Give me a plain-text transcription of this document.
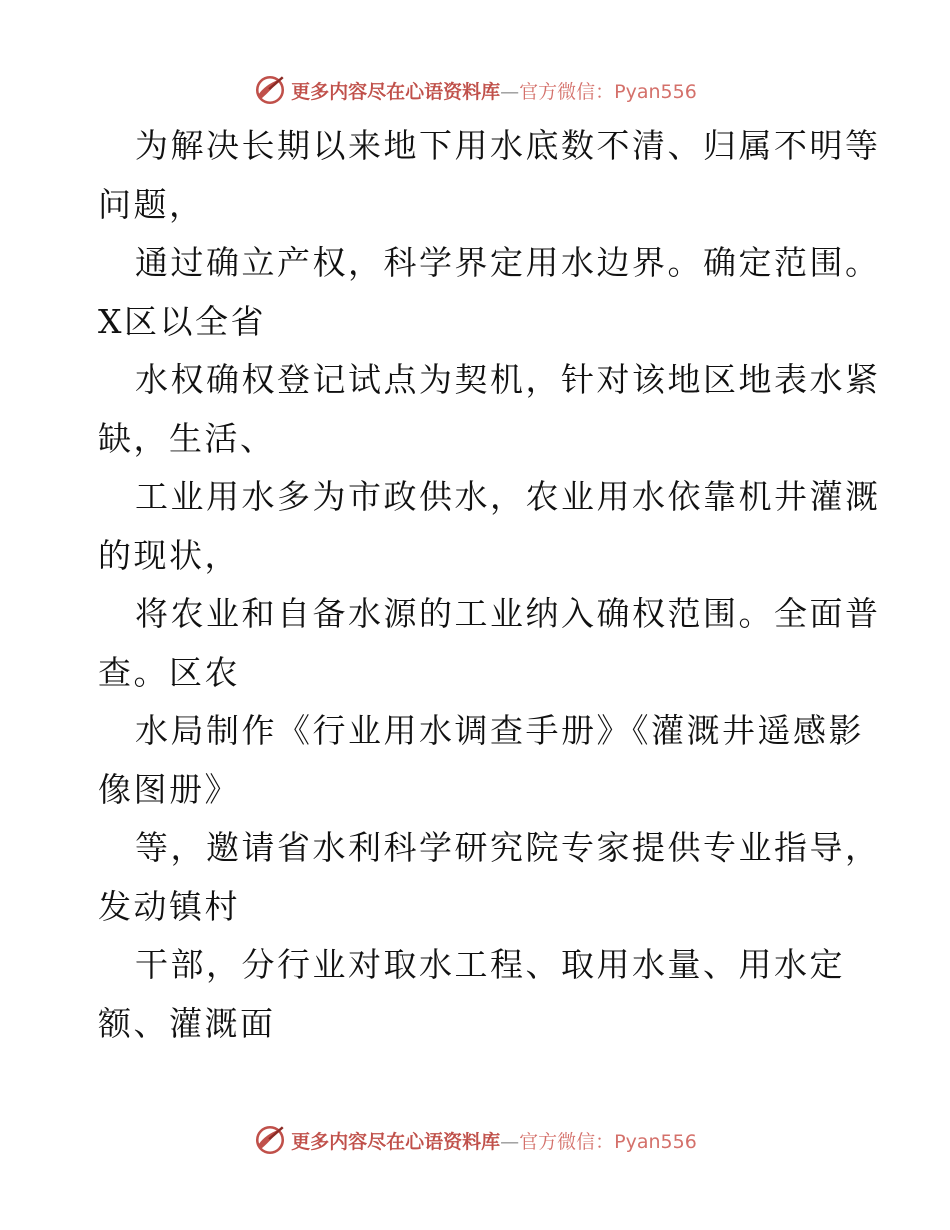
更多内容尽在心语资料库—官方微信：Pyan556
为解决长期以来地下用水底数不清、归属不明等
问题，
通过确立产权，科学界定用水边界。确定范围。
X区以全省
水权确权登记试点为契机，针对该地区地表水紧
缺，生活、
工业用水多为市政供水，农业用水依靠机井灌溉
的现状，
将农业和自备水源的工业纳入确权范围。全面普
查。区农
水局制作《行业用水调查手册》《灌溉井遥感影
像图册》
等，邀请省水利科学研究院专家提供专业指导，
发动镇村
干部，分行业对取水工程、取用水量、用水定
额、灌溉面
更多内容尽在心语资料库—官方微信：Pyan556
